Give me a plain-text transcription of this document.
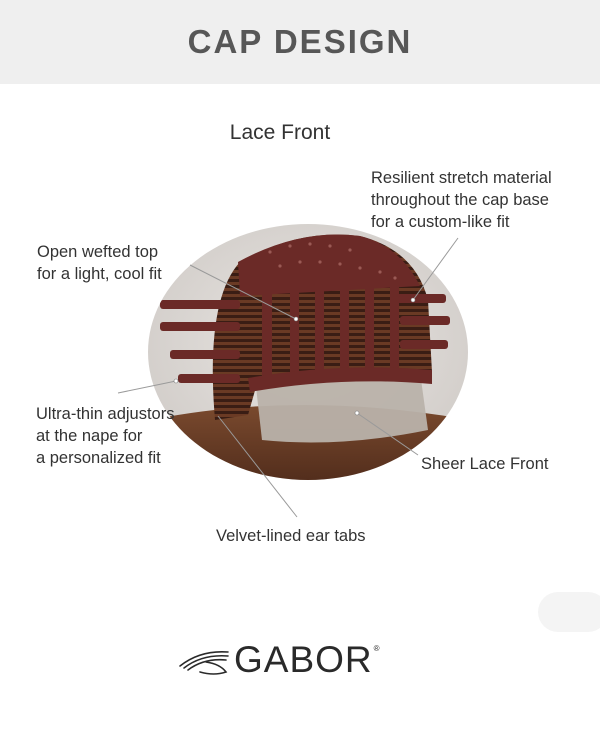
CAP DESIGN
Lace Front
Resilient stretch material
throughout the cap base
for a custom-like fit
Open wefted top
for a light, cool fit
Ultra-thin adjustors
at the nape for
a personalized fit	Sheer Lace Front
Velvet-lined ear tabs
GABOR ®
